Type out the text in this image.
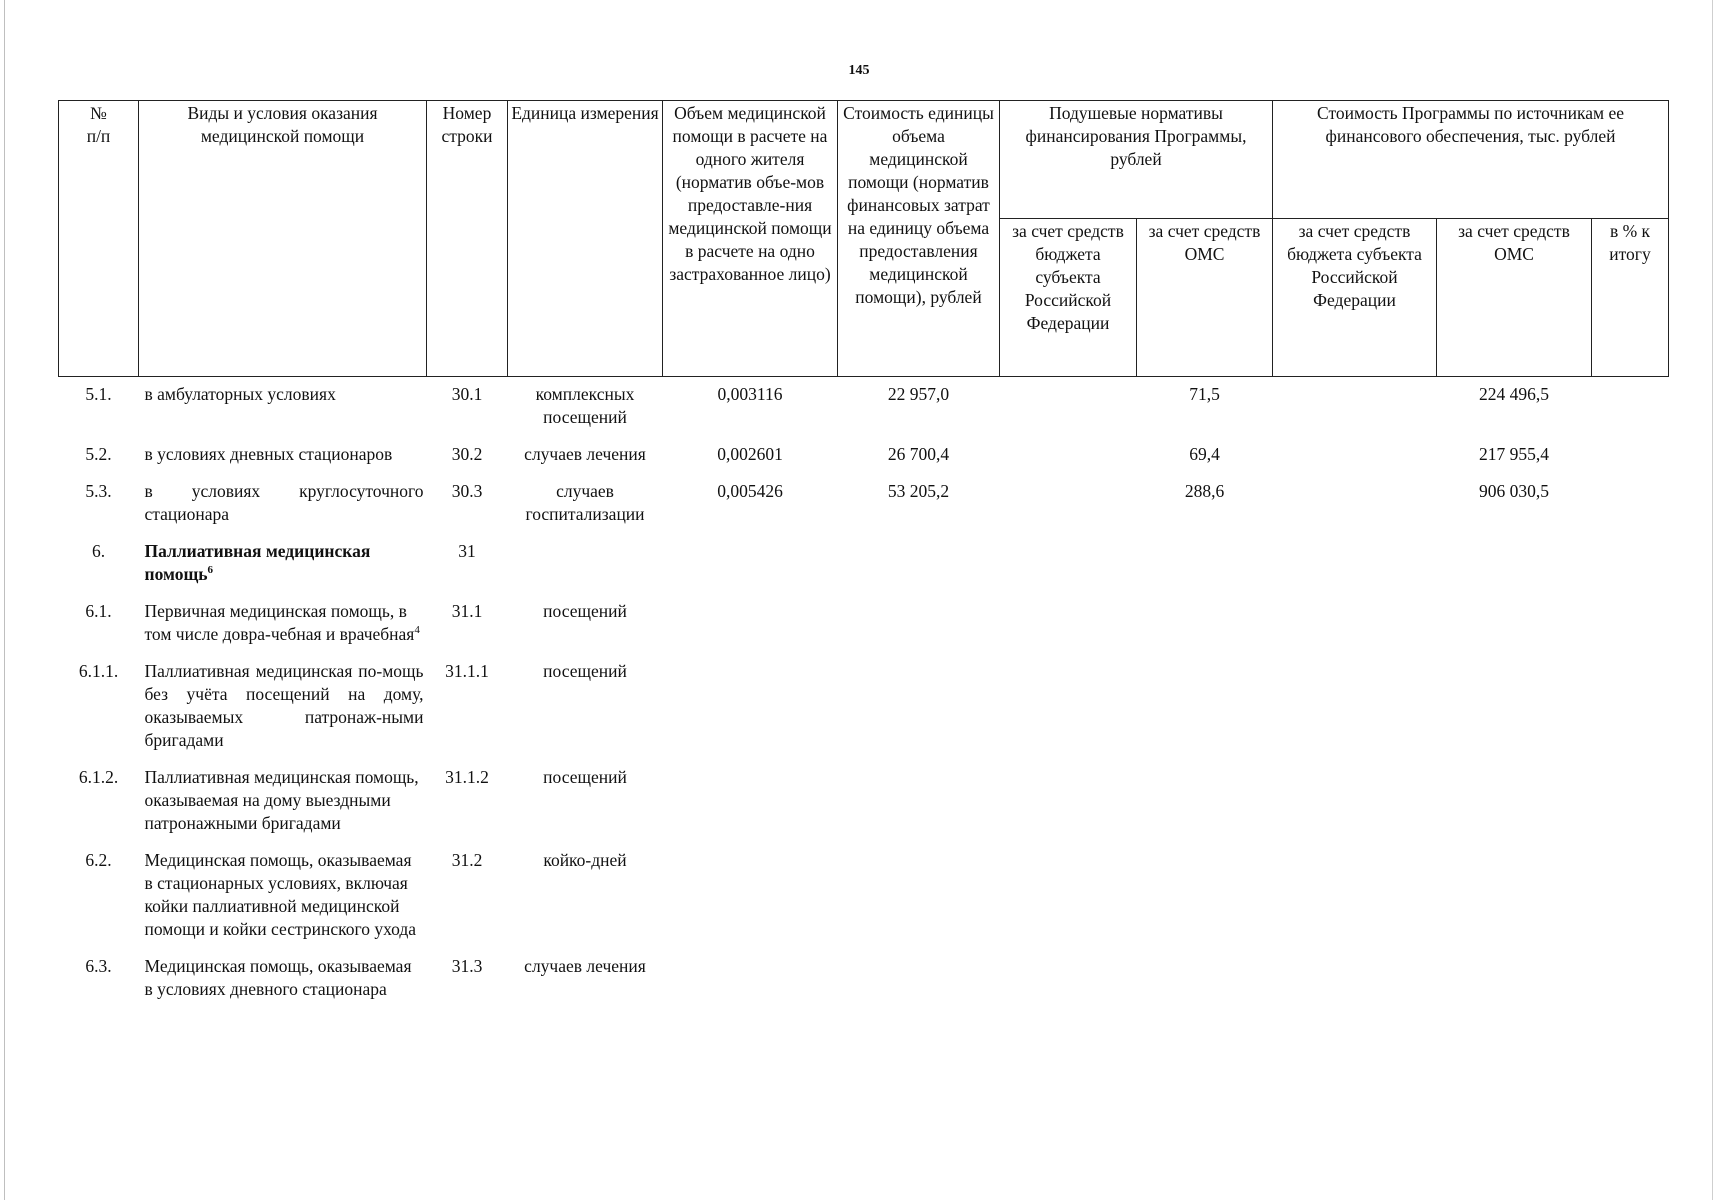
145
№
п/п	Виды и условия оказания медицинской помощи	Номер строки	Единица измерения	Объем медицинской помощи в расчете на одного жителя (норматив объе-мов предоставле-ния медицинской помощи в расчете на одно застрахованное лицо)	Стоимость единицы объема медицинской помощи (норматив финансовых затрат на единицу объема предоставления медицинской помощи), рублей	Подушевые нормативы финансирования Программы, рублей		Стоимость Программы по источникам ее финансового обеспечения, тыс. рублей		
						за счет средств бюджета субъекта Российской Федерации	за счет средств ОМС	за счет средств бюджета субъекта Российской Федерации	за счет средств ОМС	в % к итогу
5.1.	в амбулаторных условиях	30.1	комплексных посещений	0,003116	22 957,0		71,5		224 496,5	
5.2.	в условиях дневных стационаров	30.2	случаев лечения	0,002601	26 700,4		69,4		217 955,4	
5.3.	в условиях круглосуточного стационара	30.3	случаев госпитализации	0,005426	53 205,2		288,6		906 030,5	
6.	Паллиативная медицинская помощь$^6$	31								
6.1.	Первичная медицинская помощь, в том числе довра-чебная и врачебная$^4$	31.1	посещений							
6.1.1.	Паллиативная медицинская по-мощь без учёта посещений на дому, оказываемых патронаж-ными бригадами	31.1.1	посещений							
6.1.2.	Паллиативная медицинская помощь, оказываемая на дому выездными патронажными бригадами	31.1.2	посещений							
6.2.	Медицинская помощь, оказываемая в стационарных условиях, включая койки паллиативной медицинской помощи и койки сестринского ухода	31.2	койко-дней							
6.3.	Медицинская помощь, оказываемая в условиях дневного стационара	31.3	случаев лечения							
